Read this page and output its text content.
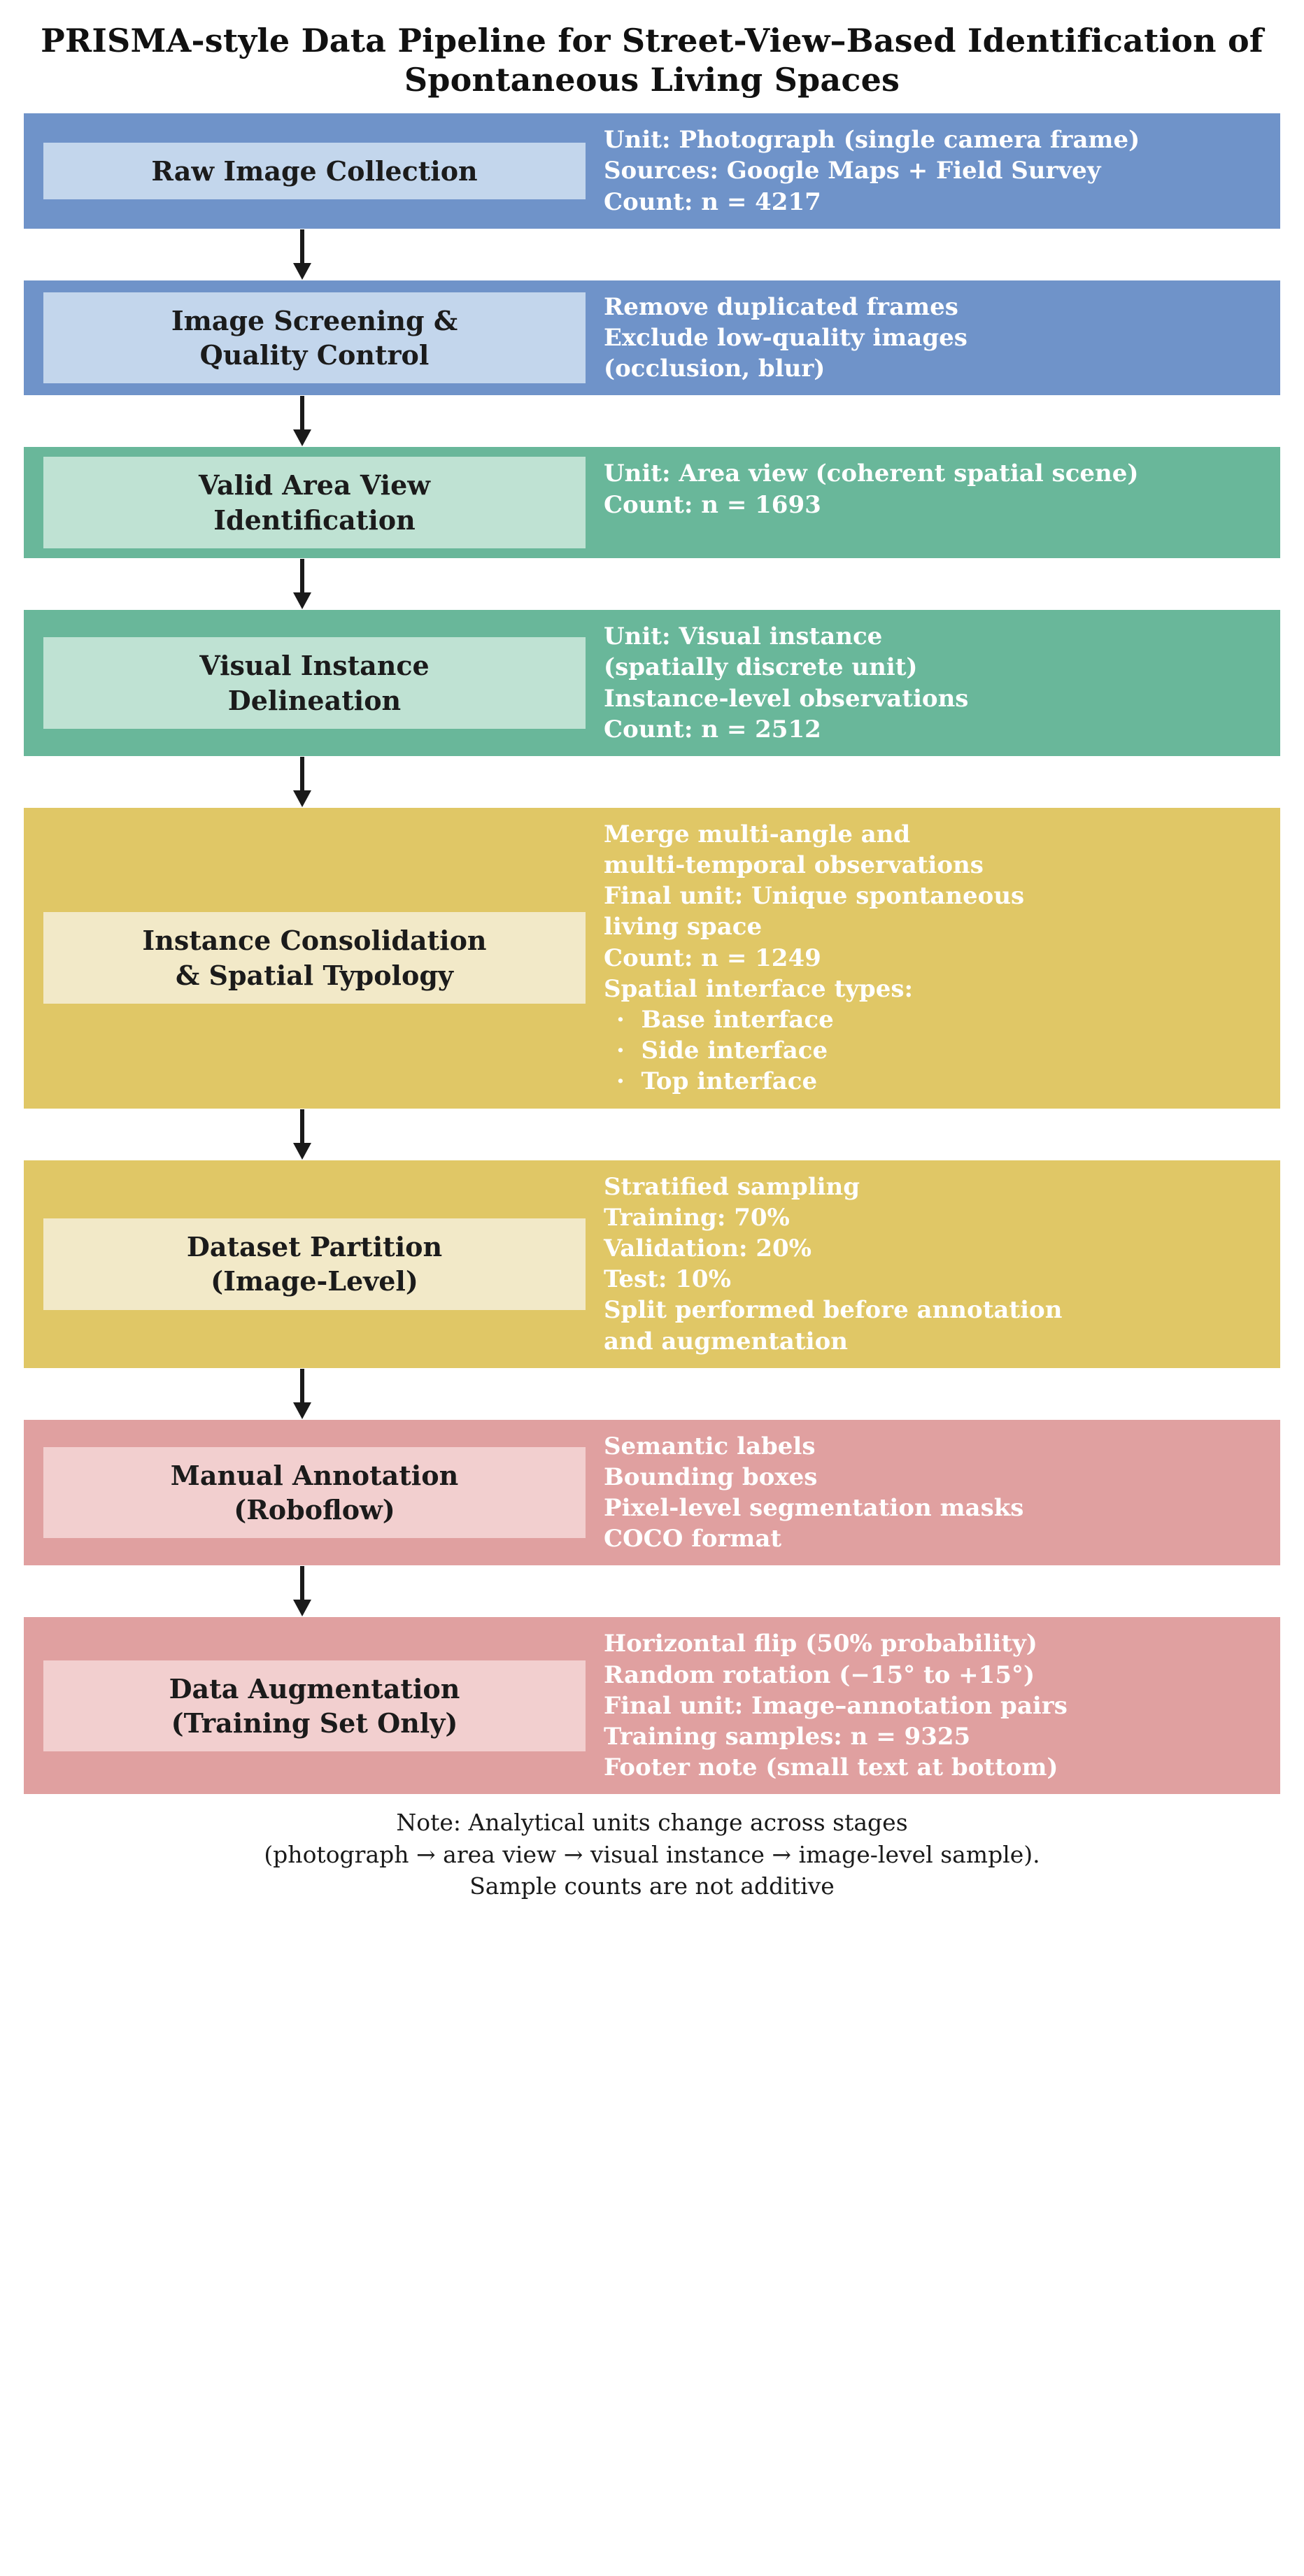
PRISMA-style Data Pipeline for Street-View–Based Identification of Spontaneous Living Spaces
Raw Image Collection
Unit: Photograph (single camera frame)
Sources: Google Maps + Field Survey
Count: n = 4217
Image Screening &
Quality Control
Remove duplicated frames
Exclude low-quality images
(occlusion, blur)
Valid Area View
Identification
Unit: Area view (coherent spatial scene)
Count: n = 1693
Visual Instance
Delineation
Unit: Visual instance
(spatially discrete unit)
Instance-level observations
Count: n = 2512
Instance Consolidation
& Spatial Typology
Merge multi-angle and
multi-temporal observations
Final unit: Unique spontaneous
living space
Count: n = 1249
Spatial interface types:
·  Base interface
·  Side interface
·  Top interface
Dataset Partition
(Image-Level)
Stratified sampling
Training: 70%
Validation: 20%
Test: 10%
Split performed before annotation
and augmentation
Manual Annotation
(Roboflow)
Semantic labels
Bounding boxes
Pixel-level segmentation masks
COCO format
Data Augmentation
(Training Set Only)
Horizontal flip (50% probability)
Random rotation (−15° to +15°)
Final unit: Image–annotation pairs
Training samples: n = 9325
Footer note (small text at bottom)
Note: Analytical units change across stages
(photograph → area view → visual instance → image-level sample).
Sample counts are not additive
